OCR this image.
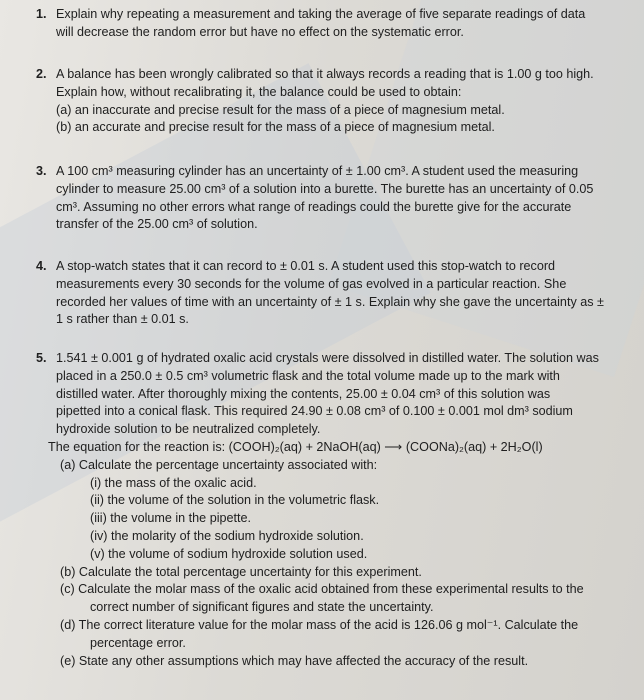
1. Explain why repeating a measurement and taking the average of five separate readings of data
will decrease the random error but have no effect on the systematic error.
2. A balance has been wrongly calibrated so that it always records a reading that is 1.00 g too high.
Explain how, without recalibrating it, the balance could be used to obtain:
(a) an inaccurate and precise result for the mass of a piece of magnesium metal.
(b) an accurate and precise result for the mass of a piece of magnesium metal.
3. A 100 cm³ measuring cylinder has an uncertainty of ± 1.00 cm³. A student used the measuring
cylinder to measure 25.00 cm³ of a solution into a burette. The burette has an uncertainty of 0.05
cm³. Assuming no other errors what range of readings could the burette give for the accurate
transfer of the 25.00 cm³ of solution.
4. A stop-watch states that it can record to ± 0.01 s. A student used this stop-watch to record
measurements every 30 seconds for the volume of gas evolved in a particular reaction. She
recorded her values of time with an uncertainty of ± 1 s. Explain why she gave the uncertainty as ±
1 s rather than ± 0.01 s.
5. 1.541 ± 0.001 g of hydrated oxalic acid crystals were dissolved in distilled water. The solution was
placed in a 250.0 ± 0.5 cm³ volumetric flask and the total volume made up to the mark with
distilled water. After thoroughly mixing the contents, 25.00 ± 0.04 cm³ of this solution was
pipetted into a conical flask. This required 24.90 ± 0.08 cm³ of 0.100 ± 0.001 mol dm³ sodium
hydroxide solution to be neutralized completely.
The equation for the reaction is: (COOH)₂(aq) + 2NaOH(aq) ⟶ (COONa)₂(aq) + 2H₂O(l)
(a) Calculate the percentage uncertainty associated with:
(i) the mass of the oxalic acid.
(ii) the volume of the solution in the volumetric flask.
(iii) the volume in the pipette.
(iv) the molarity of the sodium hydroxide solution.
(v) the volume of sodium hydroxide solution used.
(b) Calculate the total percentage uncertainty for this experiment.
(c) Calculate the molar mass of the oxalic acid obtained from these experimental results to the
correct number of significant figures and state the uncertainty.
(d) The correct literature value for the molar mass of the acid is 126.06 g mol⁻¹. Calculate the
percentage error.
(e) State any other assumptions which may have affected the accuracy of the result.
